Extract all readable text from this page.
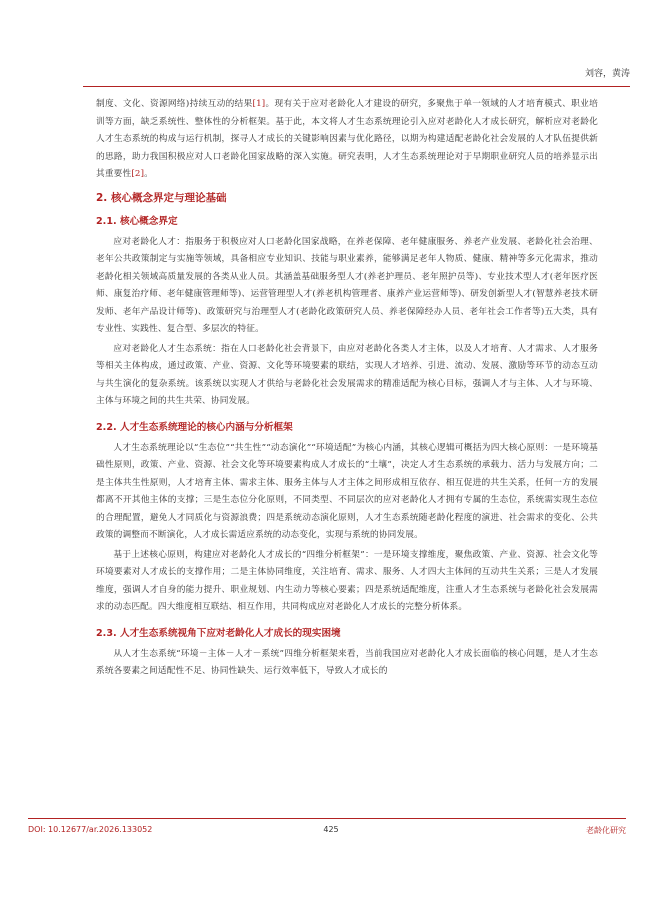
刘容，黄涛

制度、文化、资源网络)持续互动的结果[1]。现有关于应对老龄化人才建设的研究，多聚焦于单一领域的人才培育模式、职业培训等方面，缺乏系统性、整体性的分析框架。基于此，本文将人才生态系统理论引入应对老龄化人才成长研究，解析应对老龄化人才生态系统的构成与运行机制，探寻人才成长的关键影响因素与优化路径，以期为构建适配老龄化社会发展的人才队伍提供新的思路，助力我国积极应对人口老龄化国家战略的深入实施。研究表明，人才生态系统理论对于早期职业研究人员的培养显示出其重要性[2]。

2. 核心概念界定与理论基础
2.1. 核心概念界定

应对老龄化人才：指服务于积极应对人口老龄化国家战略，在养老保障、老年健康服务、养老产业发展、老龄化社会治理、老年公共政策制定与实施等领域，具备相应专业知识、技能与职业素养，能够满足老年人物质、健康、精神等多元化需求，推动老龄化相关领域高质量发展的各类从业人员。其涵盖基础服务型人才(养老护理员、老年照护员等)、专业技术型人才(老年医疗医师、康复治疗师、老年健康管理师等)、运营管理型人才(养老机构管理者、康养产业运营师等)、研发创新型人才(智慧养老技术研发师、老年产品设计师等)、政策研究与治理型人才(老龄化政策研究人员、养老保障经办人员、老年社会工作者等)五大类，具有专业性、实践性、复合型、多层次的特征。

应对老龄化人才生态系统：指在人口老龄化社会背景下，由应对老龄化各类人才主体，以及人才培育、人才需求、人才服务等相关主体构成，通过政策、产业、资源、文化等环境要素的联结，实现人才培养、引进、流动、发展、激励等环节的动态互动与共生演化的复杂系统。该系统以实现人才供给与老龄化社会发展需求的精准适配为核心目标，强调人才与主体、人才与环境、主体与环境之间的共生共荣、协同发展。

2.2. 人才生态系统理论的核心内涵与分析框架

人才生态系统理论以“生态位”“共生性”“动态演化”“环境适配”为核心内涵，其核心逻辑可概括为四大核心原则：一是环境基础性原则，政策、产业、资源、社会文化等环境要素构成人才成长的“土壤”，决定人才生态系统的承载力、活力与发展方向；二是主体共生性原则，人才培育主体、需求主体、服务主体与人才主体之间形成相互依存、相互促进的共生关系，任何一方的发展都离不开其他主体的支撑；三是生态位分化原则，不同类型、不同层次的应对老龄化人才拥有专属的生态位，系统需实现生态位的合理配置，避免人才同质化与资源浪费；四是系统动态演化原则，人才生态系统随老龄化程度的演进、社会需求的变化、公共政策的调整而不断演化，人才成长需适应系统的动态变化，实现与系统的协同发展。

基于上述核心原则，构建应对老龄化人才成长的“四维分析框架”：一是环境支撑维度，聚焦政策、产业、资源、社会文化等环境要素对人才成长的支撑作用；二是主体协同维度，关注培育、需求、服务、人才四大主体间的互动共生关系；三是人才发展维度，强调人才自身的能力提升、职业规划、内生动力等核心要素；四是系统适配维度，注重人才生态系统与老龄化社会发展需求的动态匹配。四大维度相互联结、相互作用，共同构成应对老龄化人才成长的完整分析体系。

2.3. 人才生态系统视角下应对老龄化人才成长的现实困境

从人才生态系统“环境－主体－人才－系统”四维分析框架来看，当前我国应对老龄化人才成长面临的核心问题，是人才生态系统各要素之间适配性不足、协同性缺失、运行效率低下，导致人才成长的

DOI: 10.12677/ar.2026.133052	425	老龄化研究
